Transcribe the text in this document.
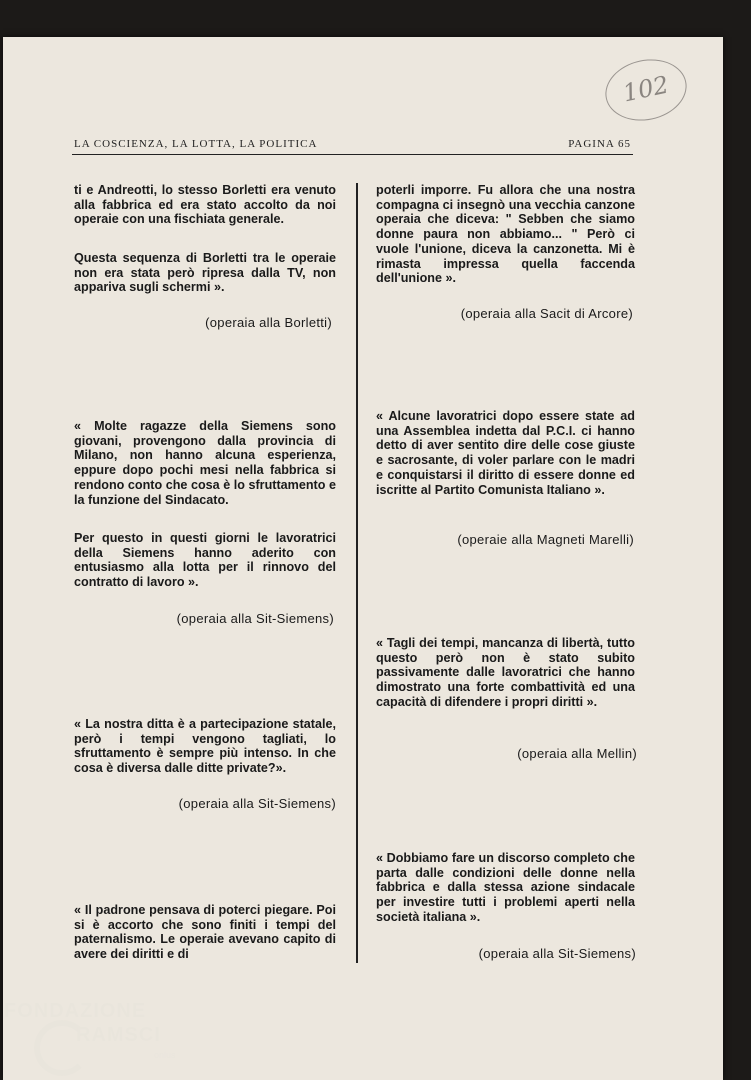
102
LA COSCIENZA, LA LOTTA, LA POLITICA	PAGINA 65

ti e Andreotti, lo stesso Borletti era venuto alla fabbrica ed era stato accolto da noi operaie con una fischiata generale.

Questa sequenza di Borletti tra le operaie non era stata però ripresa dalla TV, non appariva sugli schermi ».

(operaia alla Borletti)

« Molte ragazze della Siemens sono giovani, provengono dalla provincia di Milano, non hanno alcuna esperienza, eppure dopo pochi mesi nella fabbrica si rendono conto che cosa è lo sfruttamento e la funzione del Sindacato.

Per questo in questi giorni le lavoratrici della Siemens hanno aderito con entusiasmo alla lotta per il rinnovo del contratto di lavoro ».

(operaia alla Sit-Siemens)

« La nostra ditta è a partecipazione statale, però i tempi vengono tagliati, lo sfruttamento è sempre più intenso. In che cosa è diversa dalle ditte private?».

(operaia alla Sit-Siemens)

« Il padrone pensava di poterci piegare. Poi si è accorto che sono finiti i tempi del paternalismo. Le operaie avevano capito di avere dei diritti e di

poterli imporre. Fu allora che una nostra compagna ci insegnò una vecchia canzone operaia che diceva: " Sebben che siamo donne paura non abbiamo... " Però ci vuole l'unione, diceva la canzonetta. Mi è rimasta impressa quella faccenda dell'unione ».

(operaia alla Sacit di Arcore)

« Alcune lavoratrici dopo essere state ad una Assemblea indetta dal P.C.I. ci hanno detto di aver sentito dire delle cose giuste e sacrosante, di voler parlare con le madri e conquistarsi il diritto di essere donne ed iscritte al Partito Comunista Italiano ».

(operaie alla Magneti Marelli)

« Tagli dei tempi, mancanza di libertà, tutto questo però non è stato subito passivamente dalle lavoratrici che hanno dimostrato una forte combattività ed una capacità di difendere i propri diritti ».

(operaia alla Mellin)

« Dobbiamo fare un discorso completo che parta dalle condizioni delle donne nella fabbrica e dalla stessa azione sindacale per investire tutti i problemi aperti nella società italiana ».

(operaia alla Sit-Siemens)

FONDAZIONE
RAMSCI
onlus
